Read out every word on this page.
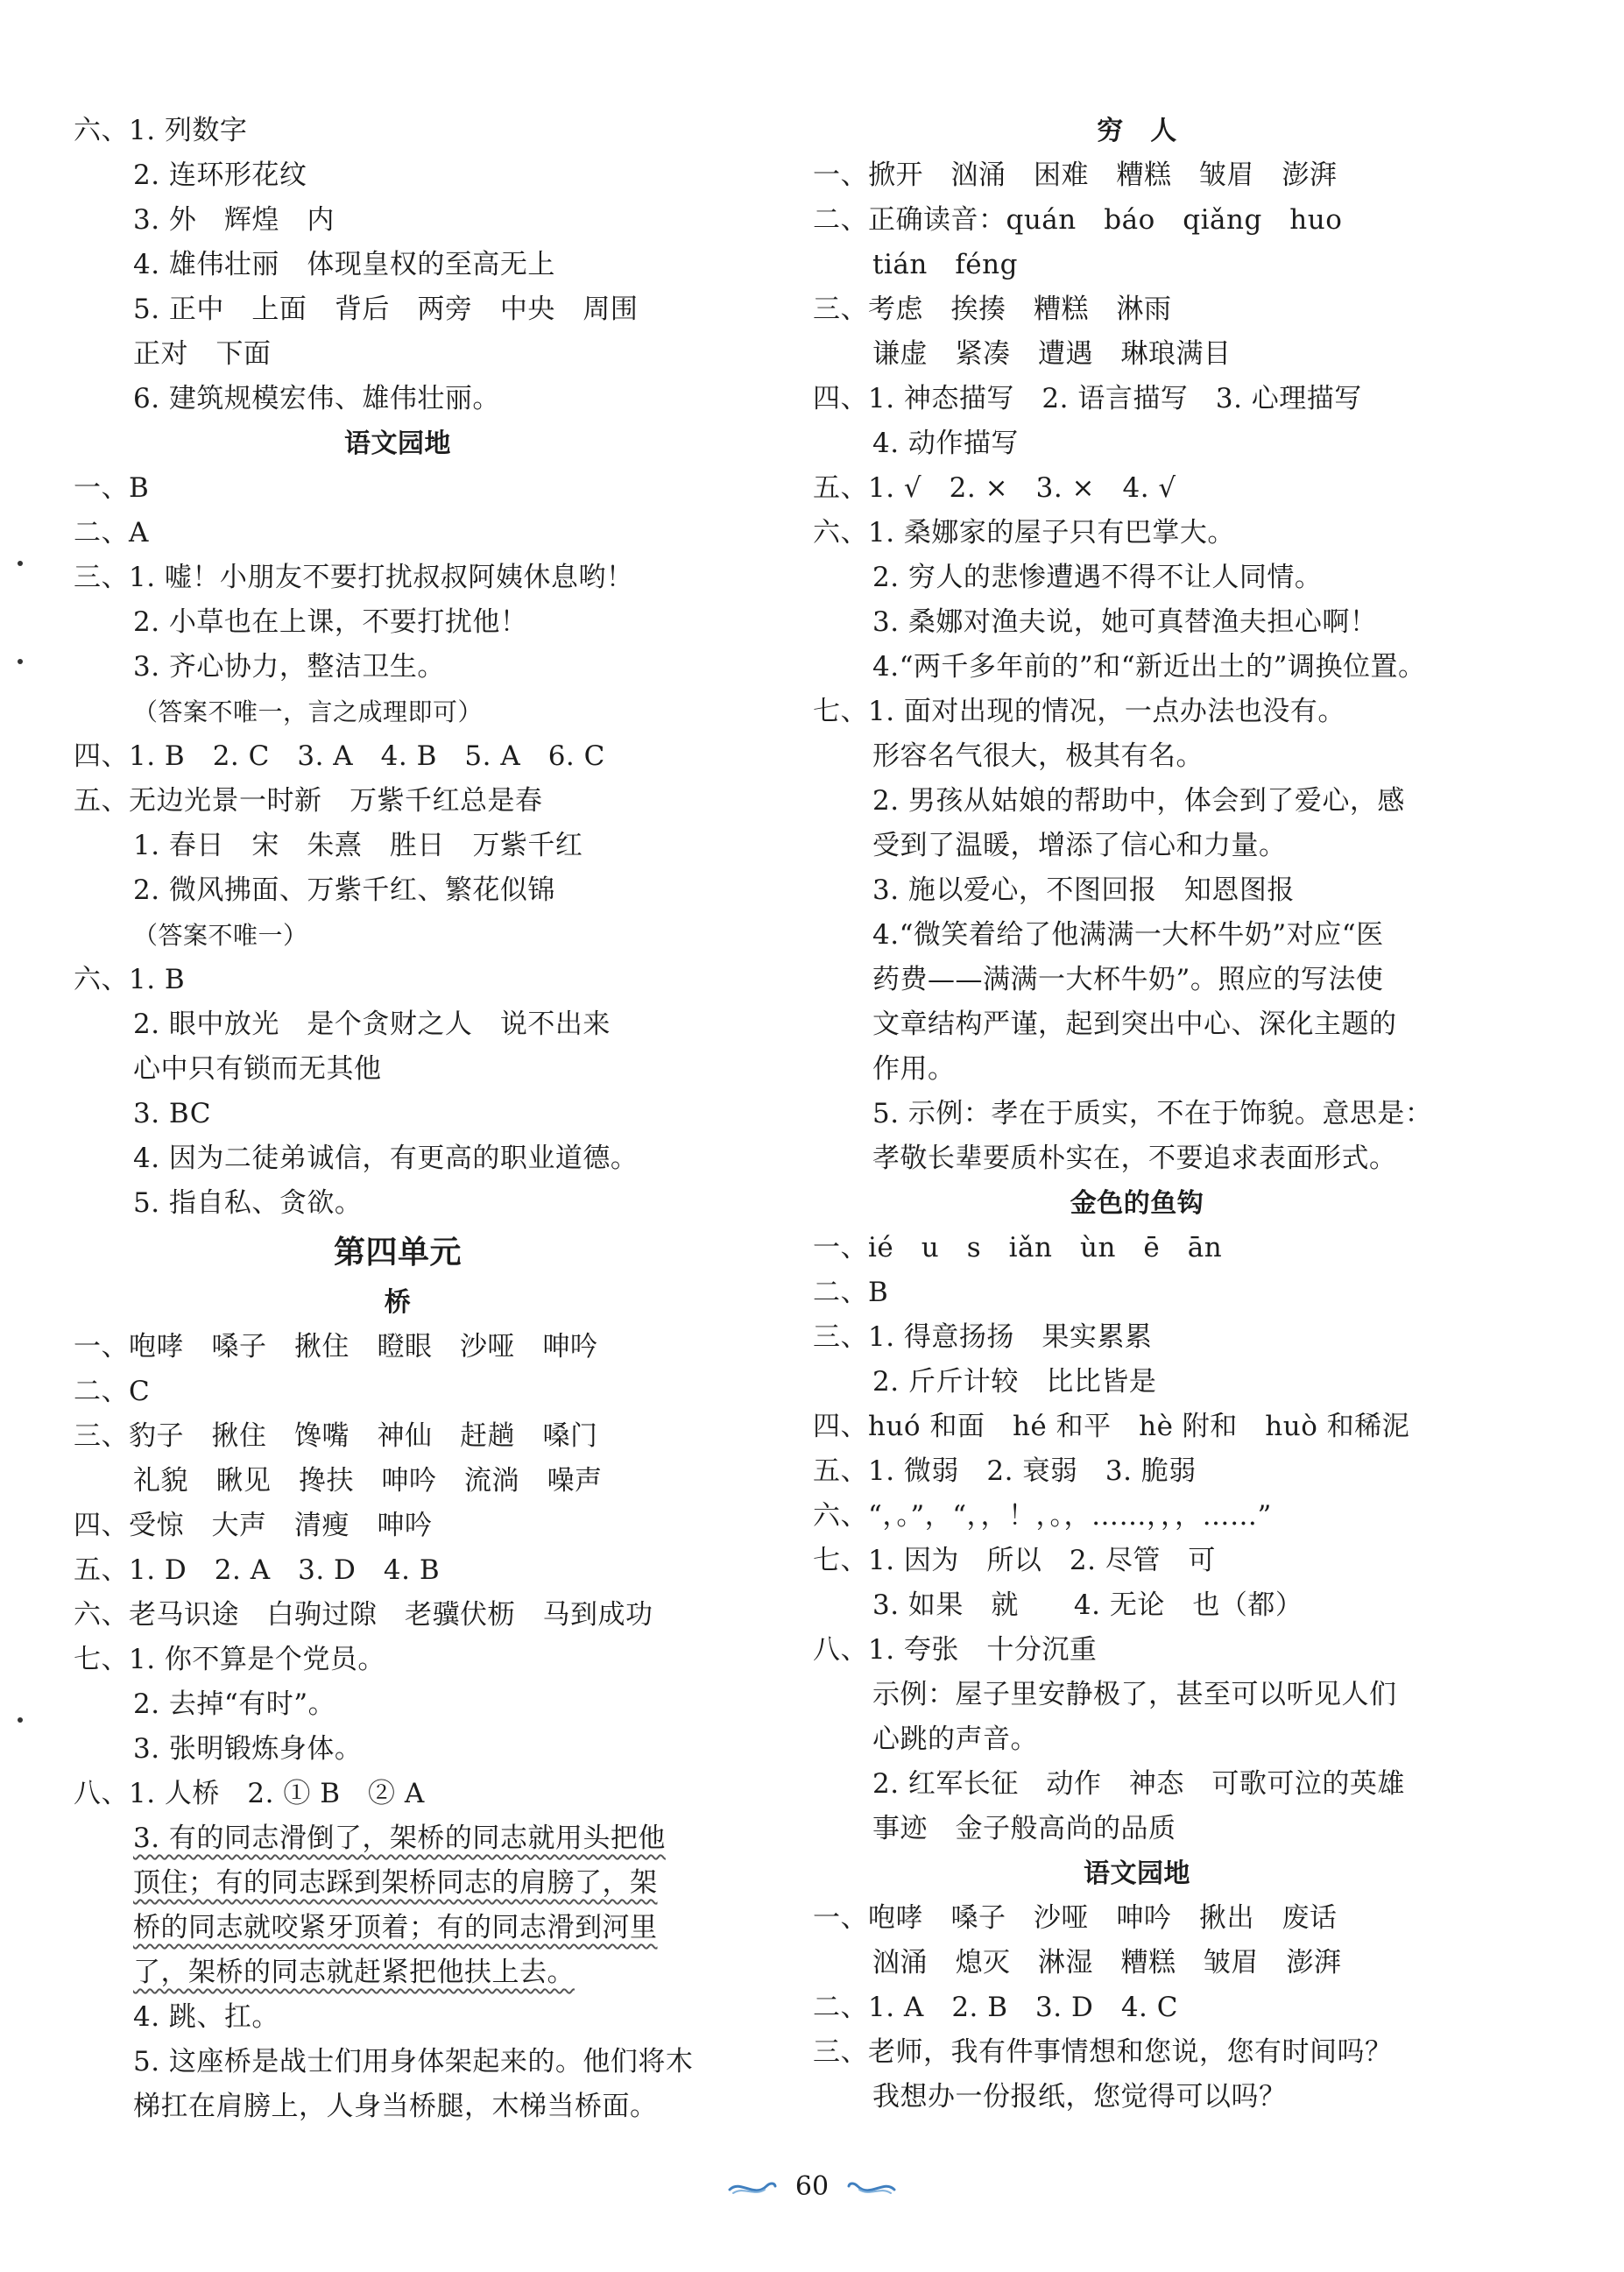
六、1. 列数字
2. 连环形花纹
3. 外　辉煌　内
4. 雄伟壮丽　体现皇权的至高无上
5. 正中　上面　背后　两旁　中央　周围
正对　下面
6. 建筑规模宏伟、雄伟壮丽。
语文园地
一、B
二、A
三、1. 嘘！小朋友不要打扰叔叔阿姨休息哟！
2. 小草也在上课，不要打扰他！
3. 齐心协力，整洁卫生。
（答案不唯一，言之成理即可）
四、1. B　2. C　3. A　4. B　5. A　6. C
五、无边光景一时新　万紫千红总是春
1. 春日　宋　朱熹　胜日　万紫千红
2. 微风拂面、万紫千红、繁花似锦
（答案不唯一）
六、1. B
2. 眼中放光　是个贪财之人　说不出来
心中只有锁而无其他
3. BC
4. 因为二徒弟诚信，有更高的职业道德。
5. 指自私、贪欲。
第四单元
桥
一、咆哮　嗓子　揪住　瞪眼　沙哑　呻吟
二、C
三、豹子　揪住　馋嘴　神仙　赶趟　嗓门
礼貌　瞅见　搀扶　呻吟　流淌　噪声
四、受惊　大声　清瘦　呻吟
五、1. D　2. A　3. D　4. B
六、老马识途　白驹过隙　老骥伏枥　马到成功
七、1. 你不算是个党员。
2. 去掉“有时”。
3. 张明锻炼身体。
八、1. 人桥　2. ① B　② A
3. 有的同志滑倒了，架桥的同志就用头把他
顶住；有的同志踩到架桥同志的肩膀了，架
桥的同志就咬紧牙顶着；有的同志滑到河里
了，架桥的同志就赶紧把他扶上去。
4. 跳、扛。
5. 这座桥是战士们用身体架起来的。他们将木
梯扛在肩膀上，人身当桥腿，木梯当桥面。
穷　人
一、掀开　汹涌　困难　糟糕　皱眉　澎湃
二、正确读音：quán　báo　qiǎng　huo
tián　féng
三、考虑　挨揍　糟糕　淋雨
谦虚　紧凑　遭遇　琳琅满目
四、1. 神态描写　2. 语言描写　3. 心理描写
4. 动作描写
五、1. √　2. ×　3. ×　4. √
六、1. 桑娜家的屋子只有巴掌大。
2. 穷人的悲惨遭遇不得不让人同情。
3. 桑娜对渔夫说，她可真替渔夫担心啊！
4.“两千多年前的”和“新近出土的”调换位置。
七、1. 面对出现的情况，一点办法也没有。
形容名气很大，极其有名。
2. 男孩从姑娘的帮助中，体会到了爱心，感
受到了温暖，增添了信心和力量。
3. 施以爱心，不图回报　知恩图报
4.“微笑着给了他满满一大杯牛奶”对应“医
药费——满满一大杯牛奶”。照应的写法使
文章结构严谨，起到突出中心、深化主题的
作用。
5. 示例：孝在于质实，不在于饰貌。意思是：
孝敬长辈要质朴实在，不要追求表面形式。
金色的鱼钩
一、ié　u　s　iǎn　ùn　ē　ān
二、B
三、1. 得意扬扬　果实累累
2. 斤斤计较　比比皆是
四、huó 和面　hé 和平　hè 附和　huò 和稀泥
五、1. 微弱　2. 衰弱　3. 脆弱
六、“，。”，“，，！，。，……，，，……”
七、1. 因为　所以　2. 尽管　可
3. 如果　就　　4. 无论　也（都）
八、1. 夸张　十分沉重
示例：屋子里安静极了，甚至可以听见人们
心跳的声音。
2. 红军长征　动作　神态　可歌可泣的英雄
事迹　金子般高尚的品质
语文园地
一、咆哮　嗓子　沙哑　呻吟　揪出　废话
汹涌　熄灭　淋湿　糟糕　皱眉　澎湃
二、1. A　2. B　3. D　4. C
三、老师，我有件事情想和您说，您有时间吗？
我想办一份报纸，您觉得可以吗？
60
